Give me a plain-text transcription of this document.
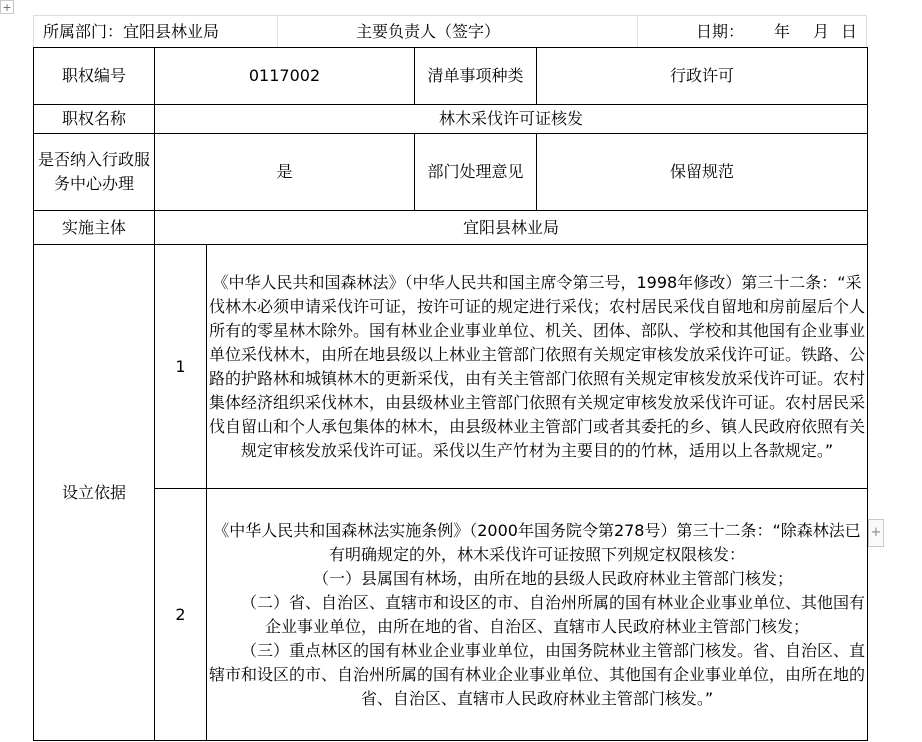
+
所属部门：宜阳县林业局	主要负责人（签字）	日期： 年 月 日
职权编号	0117002		清单事项种类	行政许可
职权名称	林木采伐许可证核发			
是否纳入行政服务中心办理	是		部门处理意见	保留规范
实施主体	宜阳县林业局			
设立依据	1	《中华人民共和国森林法》（中华人民共和国主席令第三号，1998年修改）第三十二条：“采伐林木必须申请采伐许可证，按许可证的规定进行采伐；农村居民采伐自留地和房前屋后个人所有的零星林木除外。国有林业企业事业单位、机关、团体、部队、学校和其他国有企业事业单位采伐林木，由所在地县级以上林业主管部门依照有关规定审核发放采伐许可证。铁路、公路的护路林和城镇林木的更新采伐，由有关主管部门依照有关规定审核发放采伐许可证。农村集体经济组织采伐林木，由县级林业主管部门依照有关规定审核发放采伐许可证。农村居民采伐自留山和个人承包集体的林木，由县级林业主管部门或者其委托的乡、镇人民政府依照有关规定审核发放采伐许可证。采伐以生产竹材为主要目的的竹林，适用以上各款规定。”		

	2	《中华人民共和国森林法实施条例》（2000年国务院令第278号）第三十二条：“除森林法已有明确规定的外，林木采伐许可证按照下列规定权限核发：

（一）县属国有林场，由所在地的县级人民政府林业主管部门核发；

（二）省、自治区、直辖市和设区的市、自治州所属的国有林业企业事业单位、其他国有企业事业单位，由所在地的省、自治区、直辖市人民政府林业主管部门核发；

（三）重点林区的国有林业企业事业单位，由国务院林业主管部门核发。省、自治区、直辖市和设区的市、自治州所属的国有林业企业事业单位、其他国有企业事业单位，由所在地的省、自治区、直辖市人民政府林业主管部门核发。”		

+
